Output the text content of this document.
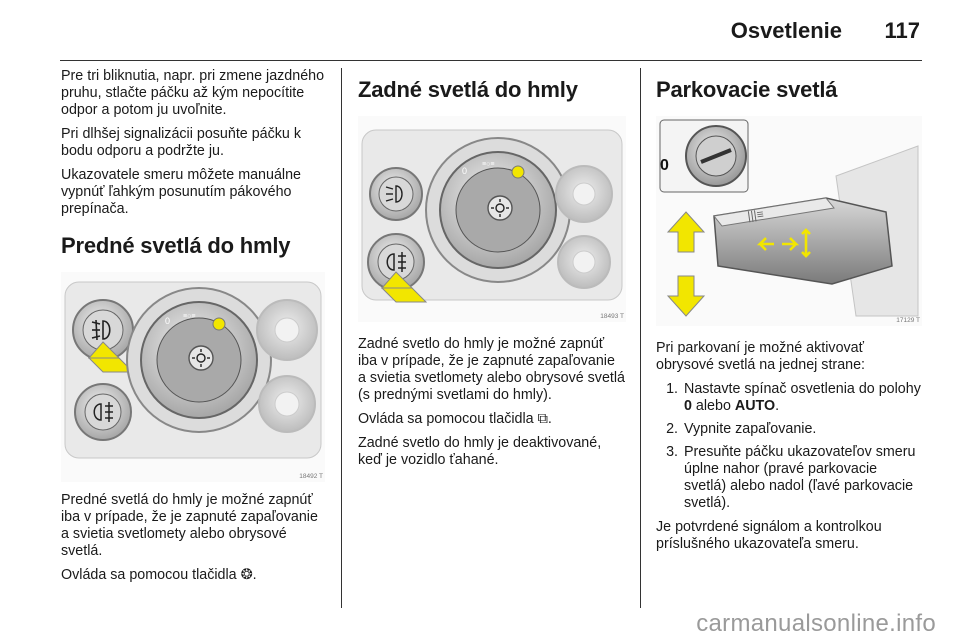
Osvetlenie 117

Pre tri bliknutia, napr. pri zmene jazdného pruhu, stlačte páčku až kým nepocítite odpor a potom ju uvoľnite.

Pri dlhšej signalizácii posuňte páčku k bodu odporu a podržte ju.

Ukazovatele smeru môžete manuálne vypnúť ľahkým posunutím pákového prepínača.

Predné svetlá do hmly
0 ≡○≡
18492 T

Predné svetlá do hmly je možné zapnúť iba v prípade, že je zapnuté zapaľovanie a svietia svetlomety alebo obrysové svetlá.

Ovláda sa pomocou tlačidla ❂.

Zadné svetlá do hmly
0
≡○≡
18493 T

Zadné svetlo do hmly je možné zapnúť iba v prípade, že je zapnuté zapaľovanie a svietia svetlomety alebo obrysové svetlá (s prednými svetlami do hmly).

Ovláda sa pomocou tlačidla ⧉.

Zadné svetlo do hmly je deaktivované, keď je vozidlo ťahané.

Parkovacie svetlá
0
|||≡
17129 T

Pri parkovaní je možné aktivovať obrysové svetlá na jednej strane:

1. Nastavte spínač osvetlenia do polohy 0 alebo AUTO.
2. Vypnite zapaľovanie.
3. Presuňte páčku ukazovateľov smeru úplne nahor (pravé parkovacie svetlá) alebo nadol (ľavé parkovacie svetlá).

Je potvrdené signálom a kontrolkou príslušného ukazovateľa smeru.

carmanualsonline.info
